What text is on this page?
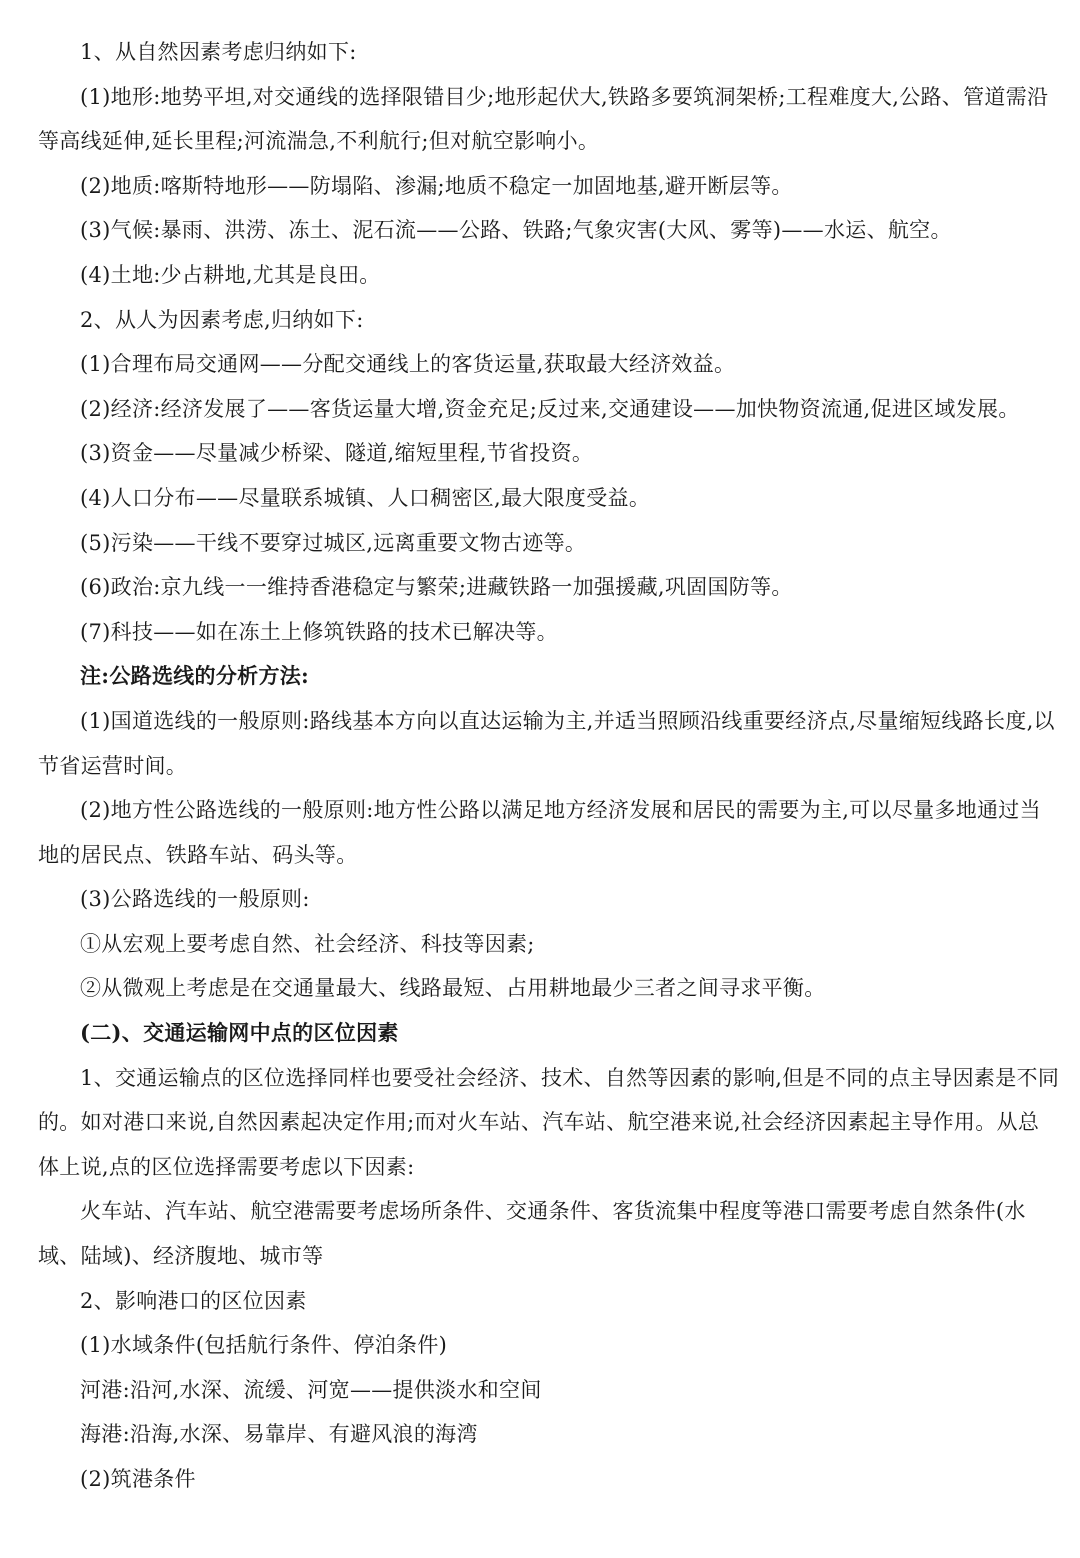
1、从自然因素考虑归纳如下:

(1)地形:地势平坦,对交通线的选择限错目少;地形起伏大,铁路多要筑洞架桥;工程难度大,公路、管道需沿等高线延伸,延长里程;河流湍急,不利航行;但对航空影响小。

(2)地质:喀斯特地形——防塌陷、渗漏;地质不稳定一加固地基,避开断层等。

(3)气候:暴雨、洪涝、冻土、泥石流——公路、铁路;气象灾害(大风、雾等)——水运、航空。

(4)土地:少占耕地,尤其是良田。

2、从人为因素考虑,归纳如下:

(1)合理布局交通网——分配交通线上的客货运量,获取最大经济效益。

(2)经济:经济发展了——客货运量大增,资金充足;反过来,交通建设——加快物资流通,促进区域发展。

(3)资金——尽量减少桥梁、隧道,缩短里程,节省投资。

(4)人口分布——尽量联系城镇、人口稠密区,最大限度受益。

(5)污染——干线不要穿过城区,远离重要文物古迹等。

(6)政治:京九线一一维持香港稳定与繁荣;进藏铁路一加强援藏,巩固国防等。

(7)科技——如在冻土上修筑铁路的技术已解决等。

注:公路选线的分析方法:

(1)国道选线的一般原则:路线基本方向以直达运输为主,并适当照顾沿线重要经济点,尽量缩短线路长度,以节省运营时间。

(2)地方性公路选线的一般原则:地方性公路以满足地方经济发展和居民的需要为主,可以尽量多地通过当地的居民点、铁路车站、码头等。

(3)公路选线的一般原则:

①从宏观上要考虑自然、社会经济、科技等因素;

②从微观上考虑是在交通量最大、线路最短、占用耕地最少三者之间寻求平衡。

(二)、交通运输网中点的区位因素

1、交通运输点的区位选择同样也要受社会经济、技术、自然等因素的影响,但是不同的点主导因素是不同的。如对港口来说,自然因素起决定作用;而对火车站、汽车站、航空港来说,社会经济因素起主导作用。从总体上说,点的区位选择需要考虑以下因素:

火车站、汽车站、航空港需要考虑场所条件、交通条件、客货流集中程度等港口需要考虑自然条件(水域、陆域)、经济腹地、城市等

2、影响港口的区位因素

(1)水域条件(包括航行条件、停泊条件)

河港:沿河,水深、流缓、河宽——提供淡水和空间

海港:沿海,水深、易靠岸、有避风浪的海湾

(2)筑港条件
